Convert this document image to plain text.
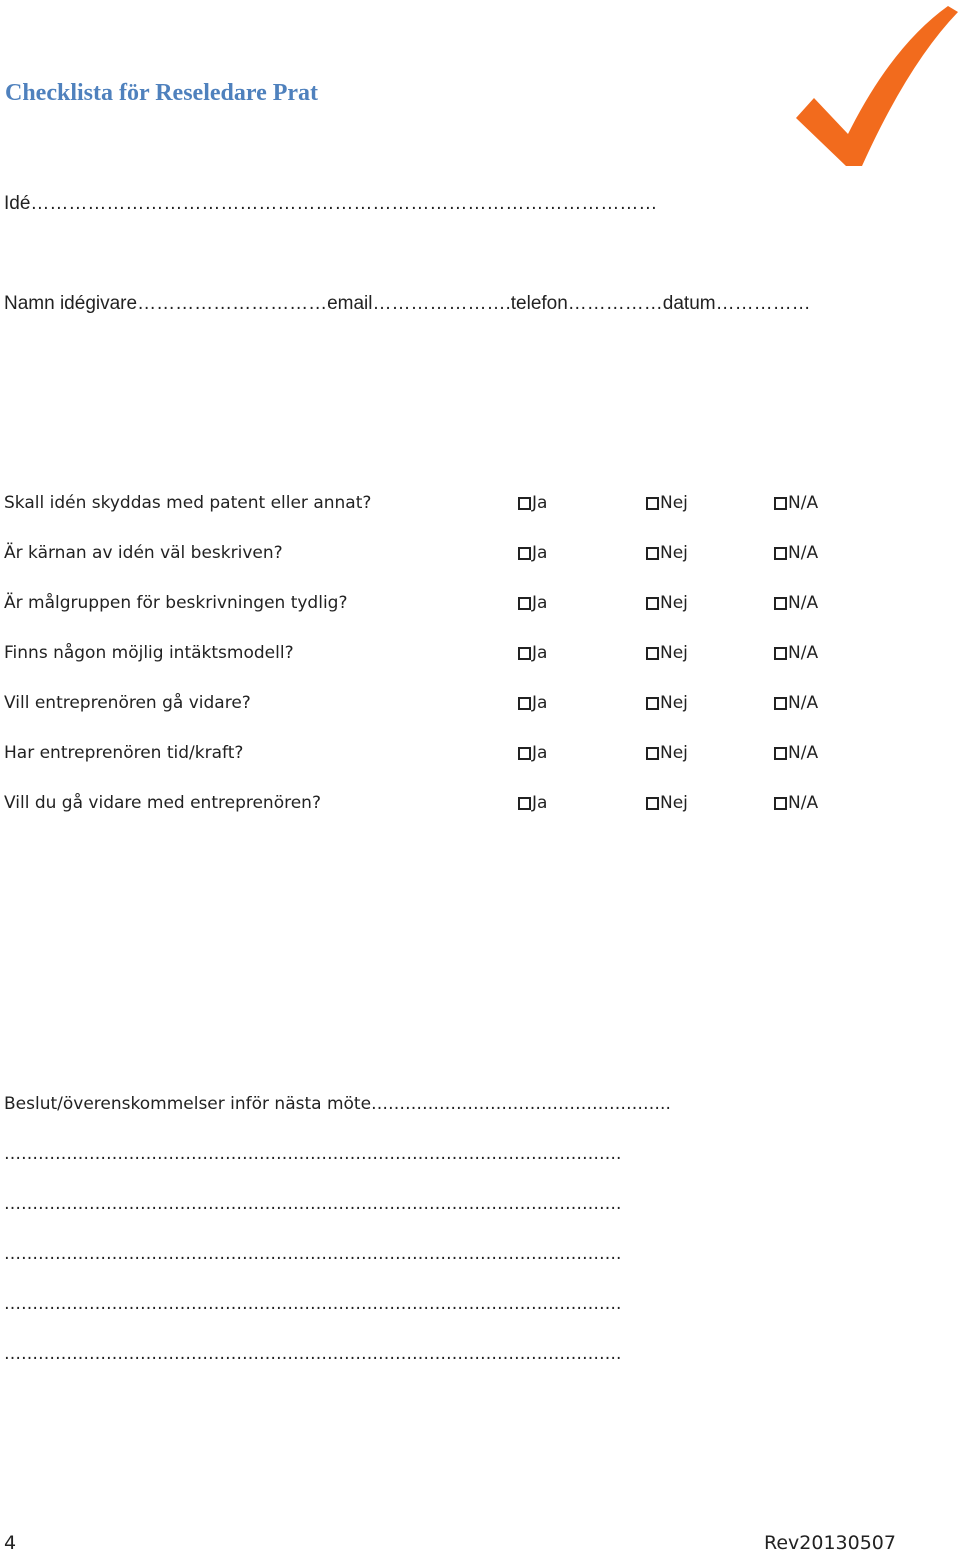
Checklista för Reseledare Prat
Idé………………………………………………………………………………………
Namn idégivare…………………………email………………….telefon……………datum……………
Skall idén skyddas med patent eller annat?	Ja	Nej	N/A
Är kärnan av idén väl beskriven?	Ja	Nej	N/A
Är målgruppen för beskrivningen tydlig?	Ja	Nej	N/A
Finns någon möjlig intäktsmodell?	Ja	Nej	N/A
Vill entreprenören gå vidare?	Ja	Nej	N/A
Har entreprenören tid/kraft?	Ja	Nej	N/A
Vill du gå vidare med entreprenören?	Ja	Nej	N/A
Beslut/överenskommelser inför nästa möte……………………………………………..
……………………………………………………………………………………………….
……………………………………………………………………………………………….
……………………………………………………………………………………………….
……………………………………………………………………………………………….
……………………………………………………………………………………………….
4	Rev20130507
